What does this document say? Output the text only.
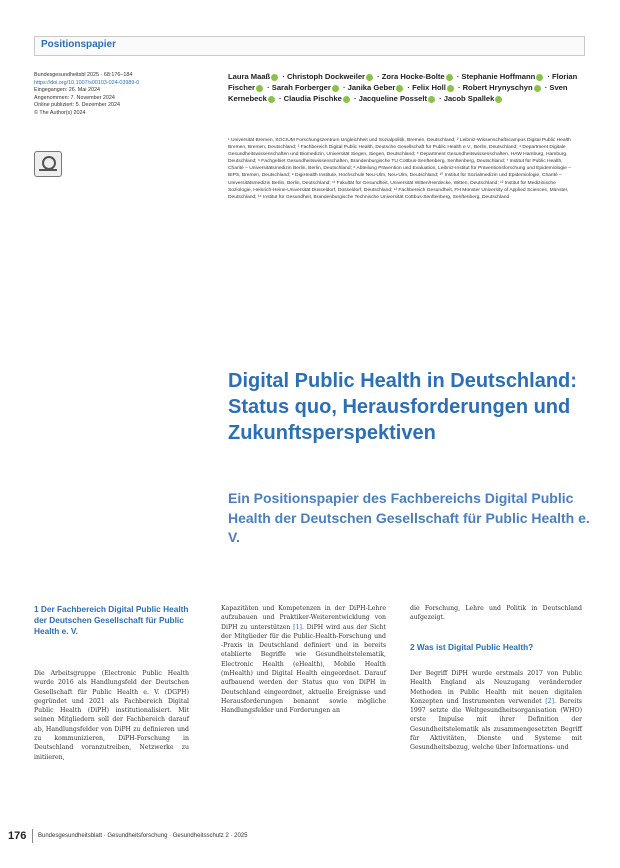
Positionspapier
Bundesgesundheitsbl 2025 · 68:176–184
https://doi.org/10.1007/s00103-024-03989-0
Eingegangen: 26. Mai 2024
Angenommen: 7. November 2024
Online publiziert: 5. Dezember 2024
© The Author(s) 2024
Laura Maaß · Christoph Dockweiler · Zora Hocke-Bolte · Stephanie Hoffmann · Florian Fischer · Sarah Forberger · Janika Geber · Felix Holl · Robert Hrynyschyn · Sven Kernebeck · Claudia Pischke · Jacqueline Posselt · Jacob Spallek
¹ Universität Bremen, SOCIUM Forschungszentrum Ungleichheit und Sozialpolitik, Bremen, Deutschland; ² Leibniz-Wissenschaftscampus Digital Public Health Bremen, Bremen, Deutschland; ³ Fachbereich Digital Public Health, Deutsche Gesellschaft für Public Health e.V., Berlin, Deutschland; ⁴ Department Digitale Gesundheitswissenschaften und Biomedizin, Universität Siegen, Siegen, Deutschland; ⁵ Department Gesundheitswissenschaften, HAW Hamburg, Hamburg, Deutschland; ⁶ Fachgebiet Gesundheitswissenschaften, Brandenburgische TU Cottbus-Senftenberg, Senftenberg, Deutschland; ⁷ Institut für Public Health, Charité – Universitätsmedizin Berlin, Berlin, Deutschland; ⁸ Abteilung Prävention und Evaluation, Leibniz-Institut für Präventionsforschung und Epidemiologie – BIPS, Bremen, Deutschland; ⁹ DigiHealth Institute, Hochschule Neu-Ulm, Neu-Ulm, Deutschland; ¹⁰ Institut für Sozialmedizin und Epidemiologie, Charité – Universitätsmedizin Berlin, Berlin, Deutschland; ¹¹ Fakultät für Gesundheit, Universität Witten/Herdecke, Witten, Deutschland; ¹² Institut für Medizinische Soziologie, Heinrich-Heine-Universität Düsseldorf, Düsseldorf, Deutschland; ¹³ Fachbereich Gesundheit, FH Münster University of Applied Sciences, Münster, Deutschland; ¹⁴ Institut für Gesundheit, Brandenburgische Technische Universität Cottbus-Senftenberg, Senftenberg, Deutschland
Digital Public Health in Deutschland: Status quo, Herausforderungen und Zukunftsperspektiven
Ein Positionspapier des Fachbereichs Digital Public Health der Deutschen Gesellschaft für Public Health e. V.
1 Der Fachbereich Digital Public Health der Deutschen Gesellschaft für Public Health e. V.

Die Arbeitsgruppe (Electronic Public Health wurde 2016 als Handlungsfeld der Deutschen Gesellschaft für Public Health e. V. (DGPH) gegründet und 2021 als Fachbereich Digital Public Health (DiPH) institutionalisiert. Mit seinen Mitgliedern soll der Fachbereich darauf ab, Handlungsfelder von DiPH zu definieren und zu kommunizieren, DiPH-Forschung in Deutschland voranzutreiben, Netzwerke zu initiieren,

Kapazitäten und Kompetenzen in der DiPH-Lehre aufzubauen und Praktiker-Weiterentwicklung von DiPH zu unterstützen [1]. DiPH wird aus der Sicht der Mitglieder für die Public-Health-Forschung und -Praxis in Deutschland definiert und in bereits etablierte Begriffe wie Gesundheitstelematik, Electronic Health (eHealth), Mobile Health (mHealth) und Digital Health eingeordnet. Darauf aufbauend werden der Status quo von DiPH in Deutschland eingeordnet, aktuelle Ereignisse und Herausforderungen benannt sowie mögliche Handlungsfelder und Forderungen an

die Forschung, Lehre und Politik in Deutschland aufgezeigt.

2 Was ist Digital Public Health?

Der Begriff DiPH wurde erstmals 2017 von Public Health England als Neuzugang verändernder Methoden in Public Health mit neuen digitalen Konzepten und Instrumenten verwendet [2]. Bereits 1997 setzte die Weltgesundheitsorganisation (WHO) erste Impulse mit ihrer Definition der Gesundheitstelematik als zusammengesetzten Begriff für Aktivitäten, Dienste und Systeme mit Gesundheitsbezug, welche über Informations- und

176 Bundesgesundheitsblatt · Gesundheitsforschung · Gesundheitsschutz 2 · 2025
